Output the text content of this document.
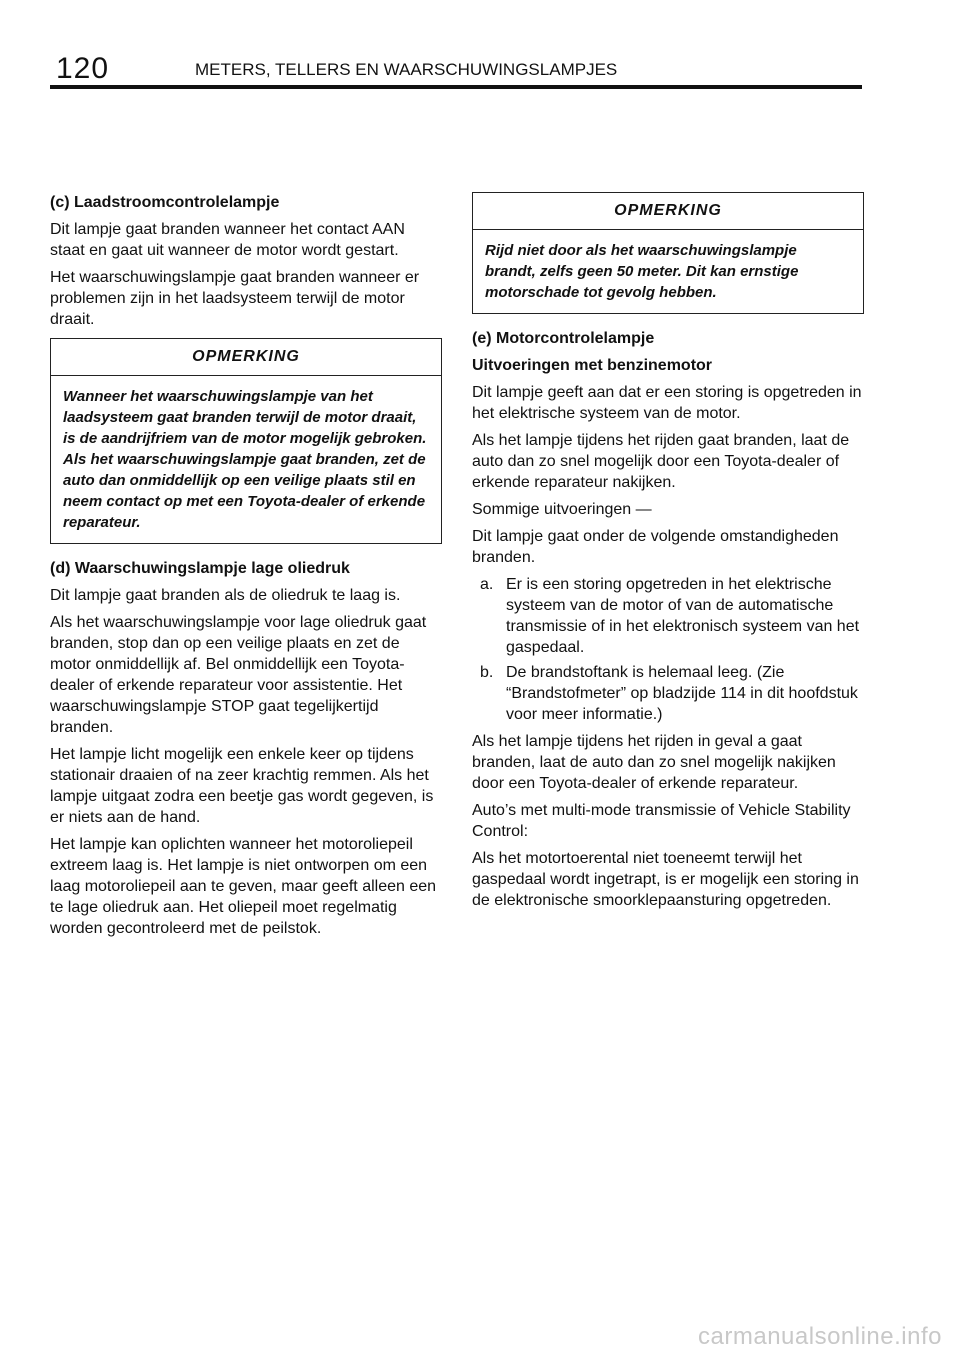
120	METERS, TELLERS EN WAARSCHUWINGSLAMPJES
(c) Laadstroomcontrolelampje

Dit lampje gaat branden wanneer het contact AAN staat en gaat uit wanneer de motor wordt gestart.

Het waarschuwingslampje gaat branden wanneer er problemen zijn in het laadsysteem terwijl de motor draait.

OPMERKING
Wanneer het waarschuwingslampje van het laadsysteem gaat branden terwijl de motor draait, is de aandrijfriem van de motor mogelijk gebroken. Als het waarschuwingslampje gaat branden, zet de auto dan onmiddellijk op een veilige plaats stil en neem contact op met een Toyota-dealer of erkende reparateur.
(d) Waarschuwingslampje lage oliedruk

Dit lampje gaat branden als de oliedruk te laag is.

Als het waarschuwingslampje voor lage oliedruk gaat branden, stop dan op een veilige plaats en zet de motor onmiddellijk af. Bel onmiddellijk een Toyota-dealer of erkende reparateur voor assistentie. Het waarschuwingslampje STOP gaat tegelijkertijd branden.

Het lampje licht mogelijk een enkele keer op tijdens stationair draaien of na zeer krachtig remmen. Als het lampje uitgaat zodra een beetje gas wordt gegeven, is er niets aan de hand.

Het lampje kan oplichten wanneer het motoroliepeil extreem laag is. Het lampje is niet ontworpen om een laag motoroliepeil aan te geven, maar geeft alleen een te lage oliedruk aan. Het oliepeil moet regelmatig worden gecontroleerd met de peilstok.

OPMERKING
Rijd niet door als het waarschuwingslampje brandt, zelfs geen 50 meter. Dit kan ernstige motorschade tot gevolg hebben.
(e) Motorcontrolelampje
Uitvoeringen met benzinemotor

Dit lampje geeft aan dat er een storing is opgetreden in het elektrische systeem van de motor.

Als het lampje tijdens het rijden gaat branden, laat de auto dan zo snel mogelijk door een Toyota-dealer of erkende reparateur nakijken.

Sommige uitvoeringen —

Dit lampje gaat onder de volgende omstandigheden branden.

a. Er is een storing opgetreden in het elektrische systeem van de motor of van de automatische transmissie of in het elektronisch systeem van het gaspedaal.
b. De brandstoftank is helemaal leeg. (Zie “Brandstofmeter” op bladzijde 114 in dit hoofdstuk voor meer informatie.)

Als het lampje tijdens het rijden in geval a gaat branden, laat de auto dan zo snel mogelijk nakijken door een Toyota-dealer of erkende reparateur.

Auto’s met multi-mode transmissie of Vehicle Stability Control:

Als het motortoerental niet toeneemt terwijl het gaspedaal wordt ingetrapt, is er mogelijk een storing in de elektronische smoorklepaansturing opgetreden.

carmanualsonline.info
